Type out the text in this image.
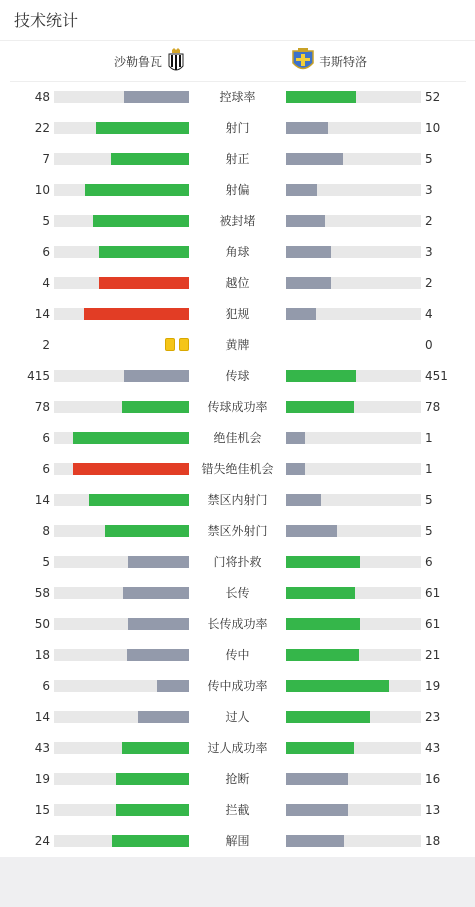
技术统计
沙勒鲁瓦	韦斯特洛
48	控球率	52
22	射门	10
7	射正	5
10	射偏	3
5	被封堵	2
6	角球	3
4	越位	2
14	犯规	4
2	黄牌	0
415	传球	451
78	传球成功率	78
6	绝佳机会	1
6	错失绝佳机会	1
14	禁区内射门	5
8	禁区外射门	5
5	门将扑救	6
58	长传	61
50	长传成功率	61
18	传中	21
6	传中成功率	19
14	过人	23
43	过人成功率	43
19	抢断	16
15	拦截	13
24	解围	18
